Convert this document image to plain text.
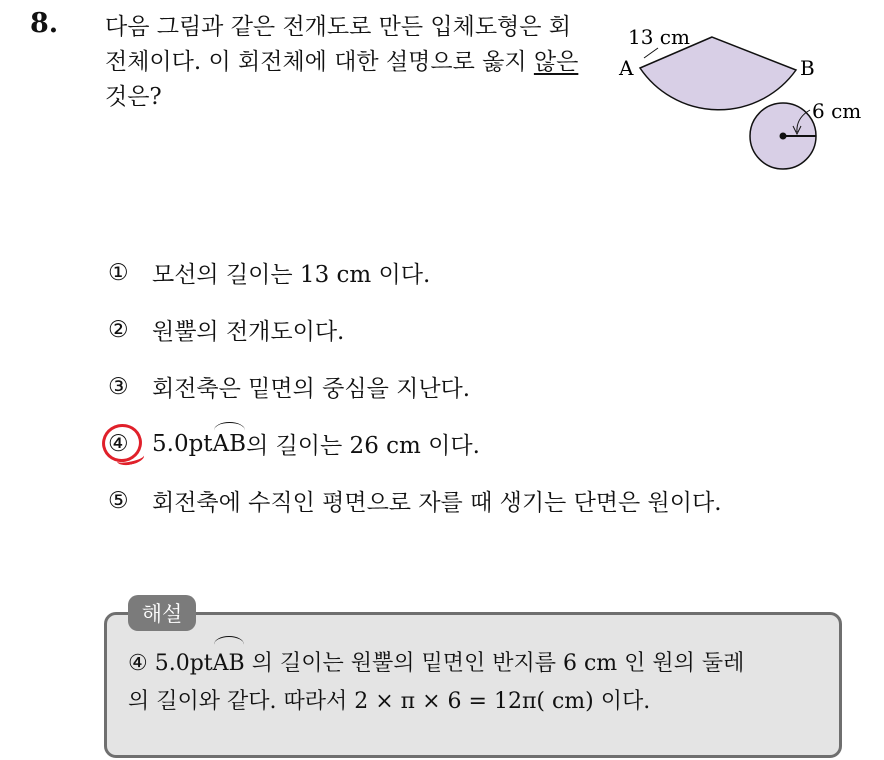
8. 다음 그림과 같은 전개도로 만든 입체도형은 회전체이다. 이 회전체에 대한 설명으로 옳지 않은 것은?
13 cm
6 cm
A	B
①	모선의 길이는 13 cm 이다.
②	원뿔의 전개도이다.
③	회전축은 밑면의 중심을 지난다.
④	5.0pt AB 의 길이는 26 cm 이다.
⑤	회전축에 수직인 평면으로 자를 때 생기는 단면은 원이다.
해설
④ 5.0ptAB 의 길이는 원뿔의 밑면인 반지름 6 cm 인 원의 둘레
의 길이와 같다. 따라서 2 × π × 6 = 12π( cm) 이다.
